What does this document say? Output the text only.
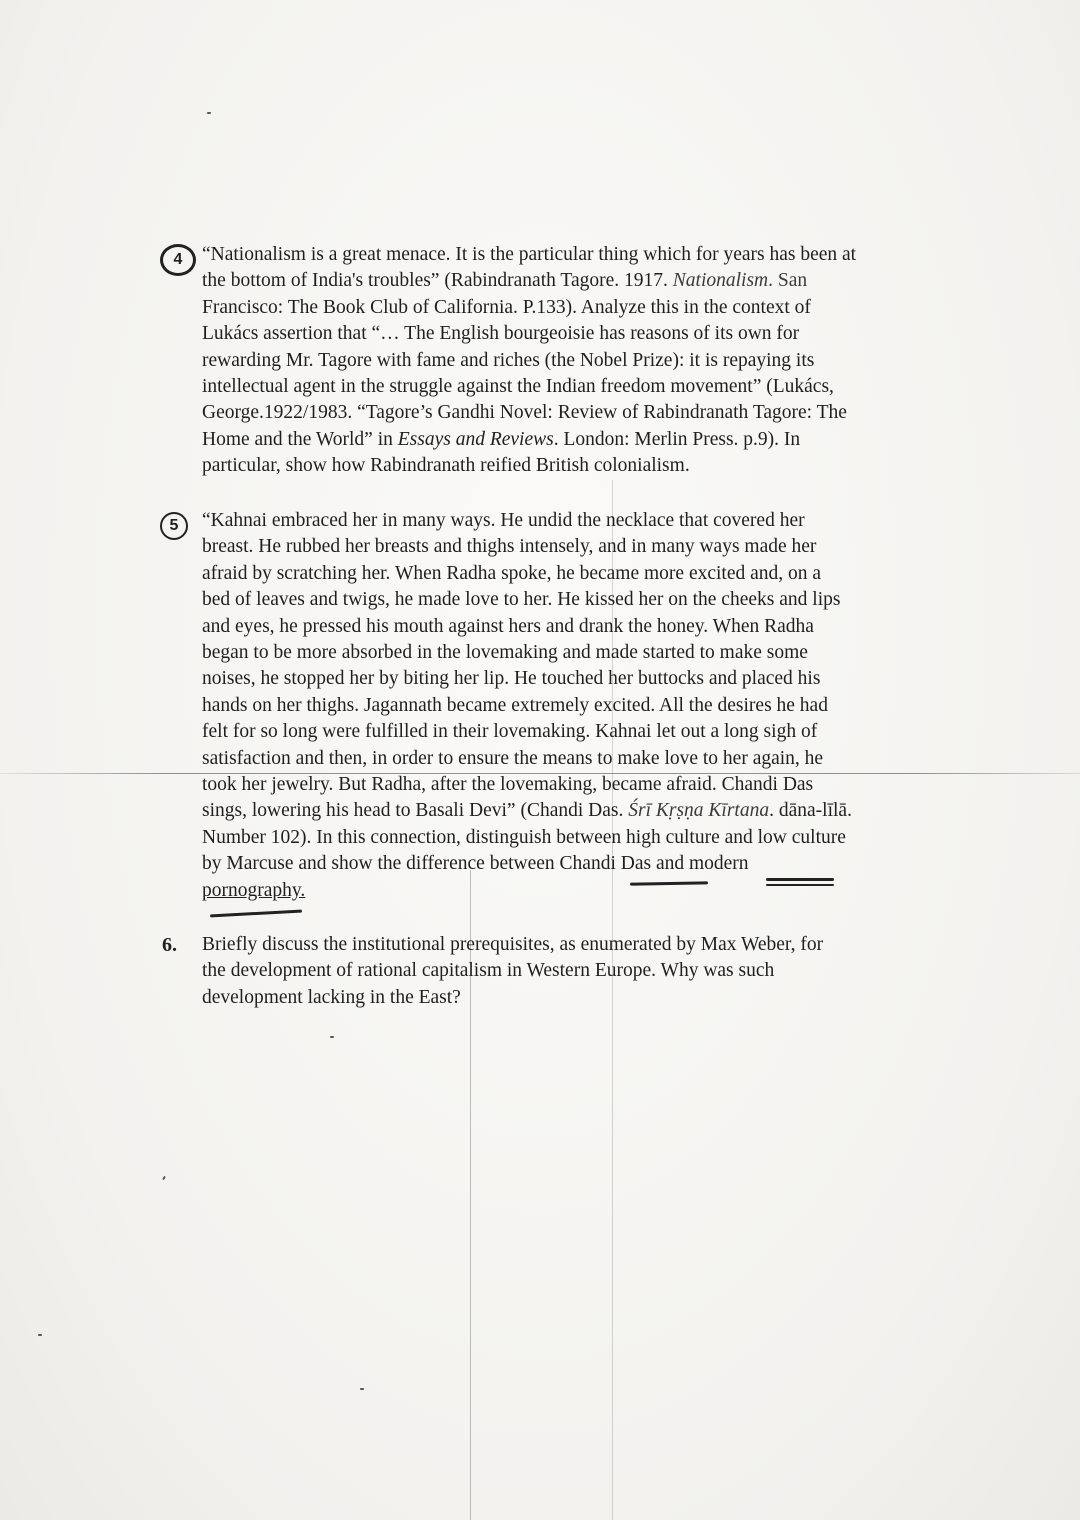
4 “Nationalism is a great menace. It is the particular thing which for years has been at
the bottom of India's troubles” (Rabindranath Tagore. 1917. Nationalism. San
Francisco: The Book Club of California. P.133). Analyze this in the context of
Lukács assertion that “… The English bourgeoisie has reasons of its own for
rewarding Mr. Tagore with fame and riches (the Nobel Prize): it is repaying its
intellectual agent in the struggle against the Indian freedom movement” (Lukács,
George.1922/1983. “Tagore’s Gandhi Novel: Review of Rabindranath Tagore: The
Home and the World” in Essays and Reviews. London: Merlin Press. p.9). In
particular, show how Rabindranath reified British colonialism.
5 “Kahnai embraced her in many ways. He undid the necklace that covered her
breast. He rubbed her breasts and thighs intensely, and in many ways made her
afraid by scratching her. When Radha spoke, he became more excited and, on a
bed of leaves and twigs, he made love to her. He kissed her on the cheeks and lips
and eyes, he pressed his mouth against hers and drank the honey. When Radha
began to be more absorbed in the lovemaking and made started to make some
noises, he stopped her by biting her lip. He touched her buttocks and placed his
hands on her thighs. Jagannath became extremely excited. All the desires he had
felt for so long were fulfilled in their lovemaking. Kahnai let out a long sigh of
satisfaction and then, in order to ensure the means to make love to her again, he
took her jewelry. But Radha, after the lovemaking, became afraid. Chandi Das
sings, lowering his head to Basali Devi” (Chandi Das. Śrī Kṛṣṇa Kīrtana. dāna-līlā.
Number 102). In this connection, distinguish between high culture and low culture
by Marcuse and show the difference between Chandi Das and modern
pornography.
6. Briefly discuss the institutional prerequisites, as enumerated by Max Weber, for
the development of rational capitalism in Western Europe. Why was such
development lacking in the East?
